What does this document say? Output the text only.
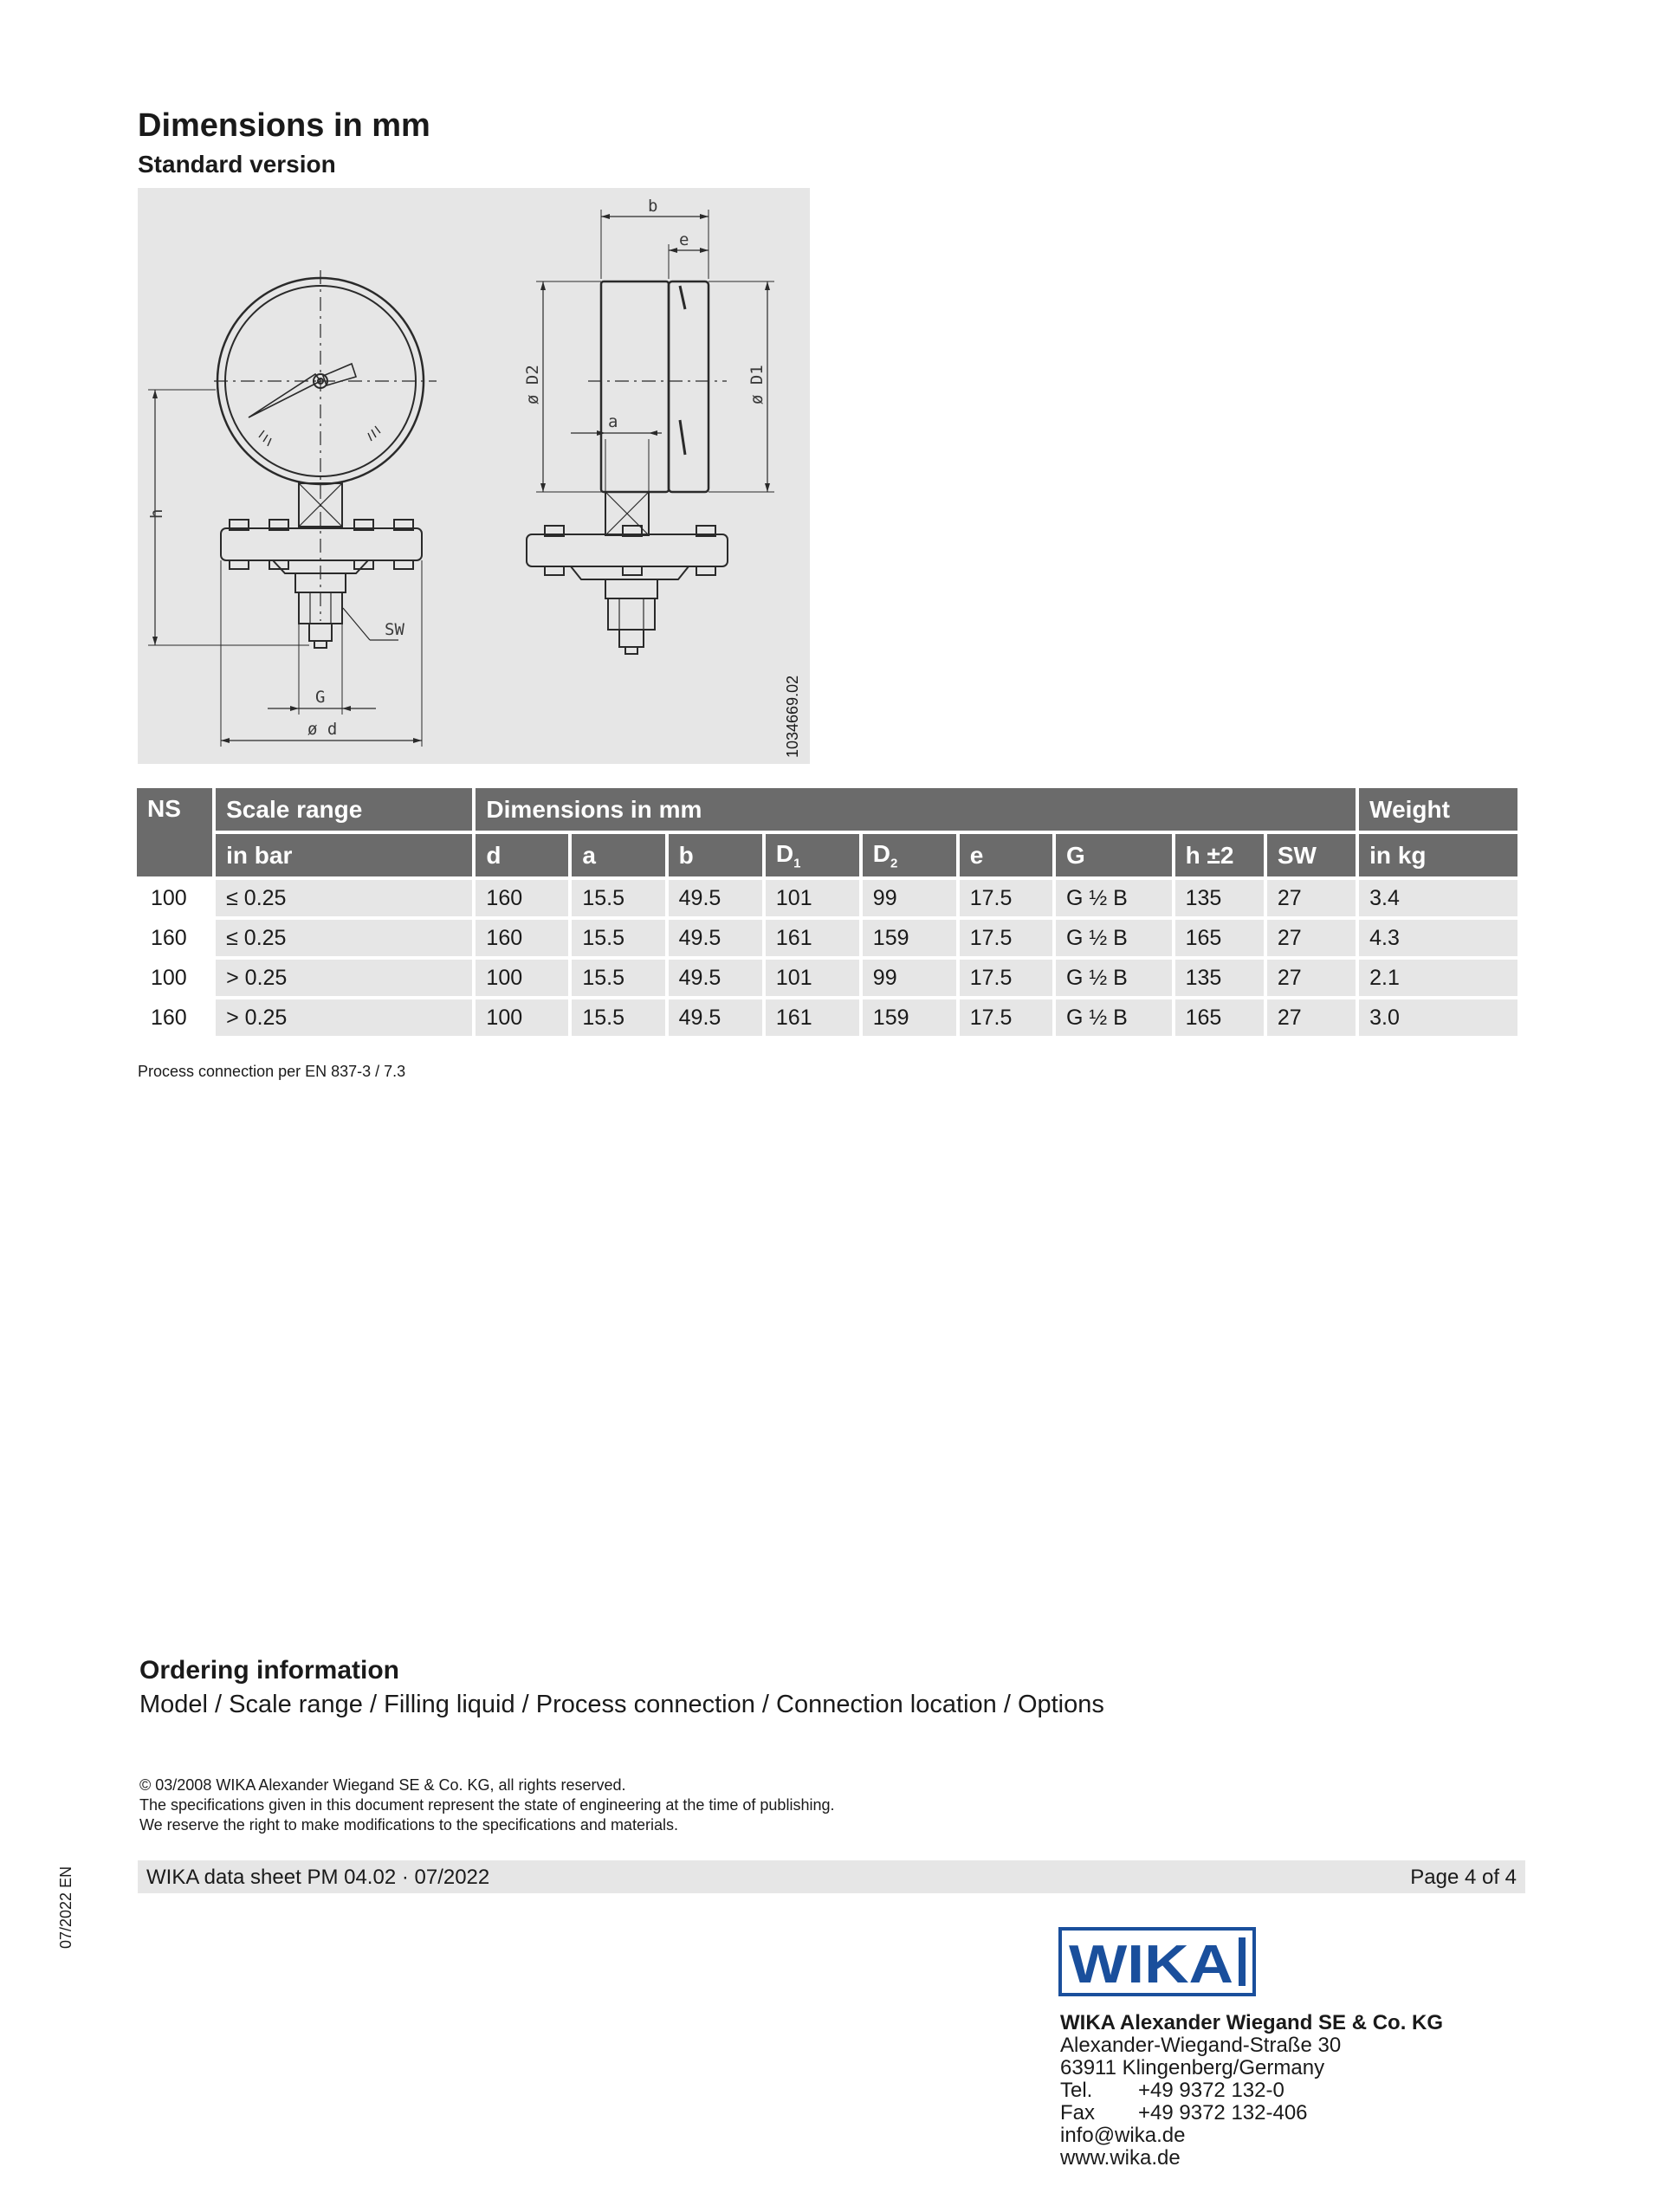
Dimensions in mm
Standard version
b
e
a
h
SW
G
ø d
ø D2	ø D1
1034669.02
NS	Scale range	Dimensions in mm									Weight
	in bar	d	a	b	$D_1$	$D_2$	e	G	h ±2	SW	in kg
100	≤ 0.25	160	15.5	49.5	101	99	17.5	G ½ B	135	27	3.4
160	≤ 0.25	160	15.5	49.5	161	159	17.5	G ½ B	165	27	4.3
100	> 0.25	100	15.5	49.5	101	99	17.5	G ½ B	135	27	2.1
160	> 0.25	100	15.5	49.5	161	159	17.5	G ½ B	165	27	3.0
Process connection per EN 837-3 / 7.3
Ordering information
Model / Scale range / Filling liquid / Process connection / Connection location / Options
© 03/2008 WIKA Alexander Wiegand SE & Co. KG, all rights reserved.
The specifications given in this document represent the state of engineering at the time of publishing.
We reserve the right to make modifications to the specifications and materials.
WIKA data sheet PM 04.02 · 07/2022	Page 4 of 4
07/2022 EN
WIKA
WIKA Alexander Wiegand SE & Co. KG
Alexander-Wiegand-Straße 30
63911 Klingenberg/Germany
Tel. +49 9372 132-0
Fax +49 9372 132-406
info@wika.de
www.wika.de
